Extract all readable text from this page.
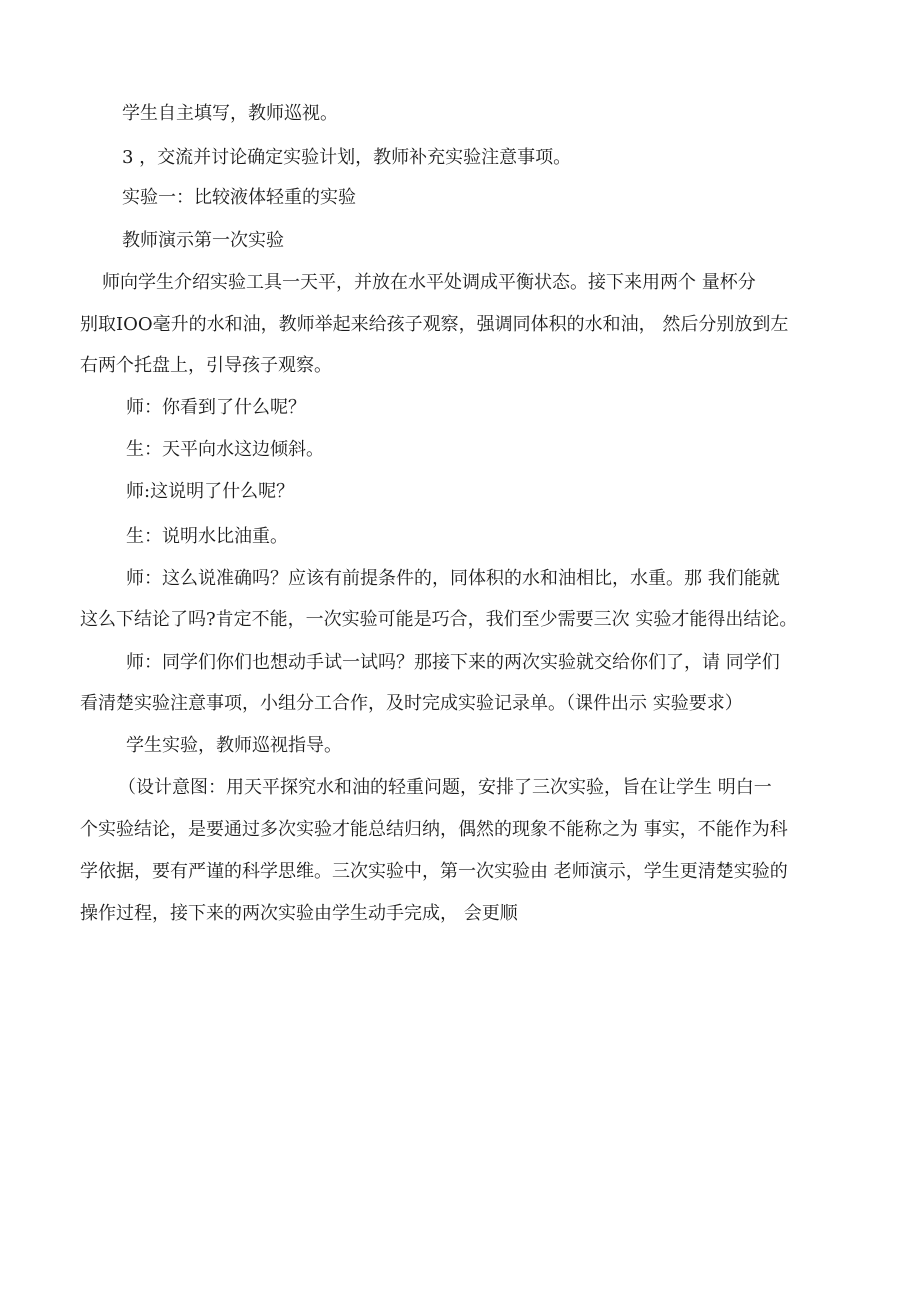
学生自主填写，教师巡视。
3 ，交流并讨论确定实验计划，教师补充实验注意事项。
实验一：比较液体轻重的实验
教师演示第一次实验
师向学生介绍实验工具一天平，并放在水平处调成平衡状态。接下来用两个 量杯分
别取IOO毫升的水和油，教师举起来给孩子观察，强调同体积的水和油， 然后分别放到左
右两个托盘上，引导孩子观察。
师：你看到了什么呢？
生：天平向水这边倾斜。
师:这说明了什么呢？
生：说明水比油重。
师：这么说准确吗？应该有前提条件的，同体积的水和油相比，水重。那 我们能就
这么下结论了吗?肯定不能，一次实验可能是巧合，我们至少需要三次 实验才能得出结论。
师：同学们你们也想动手试一试吗？那接下来的两次实验就交给你们了，请 同学们
看清楚实验注意事项，小组分工合作，及时完成实验记录单。（课件出示 实验要求）
学生实验，教师巡视指导。
（设计意图：用天平探究水和油的轻重问题，安排了三次实验，旨在让学生 明白一
个实验结论，是要通过多次实验才能总结归纳，偶然的现象不能称之为 事实，不能作为科
学依据，要有严谨的科学思维。三次实验中，第一次实验由 老师演示，学生更清楚实验的
操作过程，接下来的两次实验由学生动手完成， 会更顺
